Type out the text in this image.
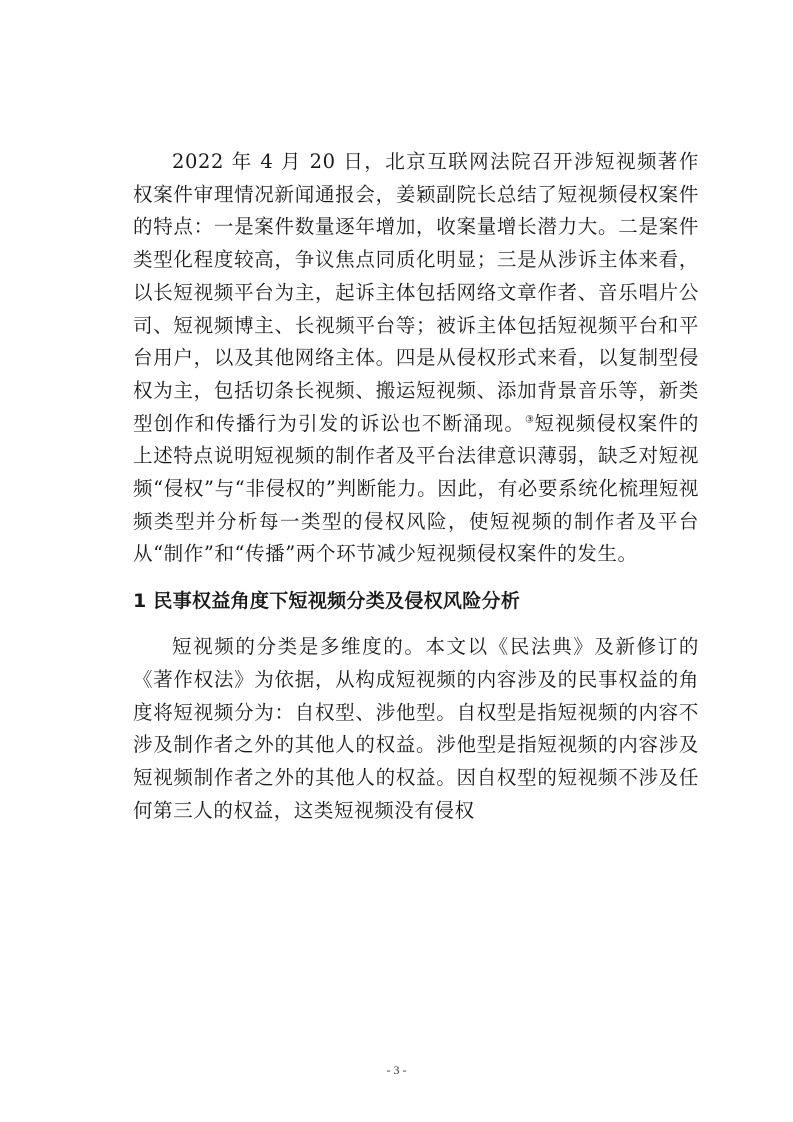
2022 年 4 月 20 日，北京互联网法院召开涉短视频著作权案件审理情况新闻通报会，姜颖副院长总结了短视频侵权案件的特点：一是案件数量逐年增加，收案量增长潜力大。二是案件类型化程度较高，争议焦点同质化明显；三是从涉诉主体来看，以长短视频平台为主，起诉主体包括网络文章作者、音乐唱片公司、短视频博主、长视频平台等；被诉主体包括短视频平台和平台用户，以及其他网络主体。四是从侵权形式来看，以复制型侵权为主，包括切条长视频、搬运短视频、添加背景音乐等，新类型创作和传播行为引发的诉讼也不断涌现。③短视频侵权案件的上述特点说明短视频的制作者及平台法律意识薄弱，缺乏对短视频“侵权”与“非侵权的”判断能力。因此，有必要系统化梳理短视频类型并分析每一类型的侵权风险，使短视频的制作者及平台从“制作”和“传播”两个环节减少短视频侵权案件的发生。

1 民事权益角度下短视频分类及侵权风险分析

短视频的分类是多维度的。本文以《民法典》及新修订的《著作权法》为依据，从构成短视频的内容涉及的民事权益的角度将短视频分为：自权型、涉他型。自权型是指短视频的内容不涉及制作者之外的其他人的权益。涉他型是指短视频的内容涉及短视频制作者之外的其他人的权益。因自权型的短视频不涉及任何第三人的权益，这类短视频没有侵权

- 3 -
